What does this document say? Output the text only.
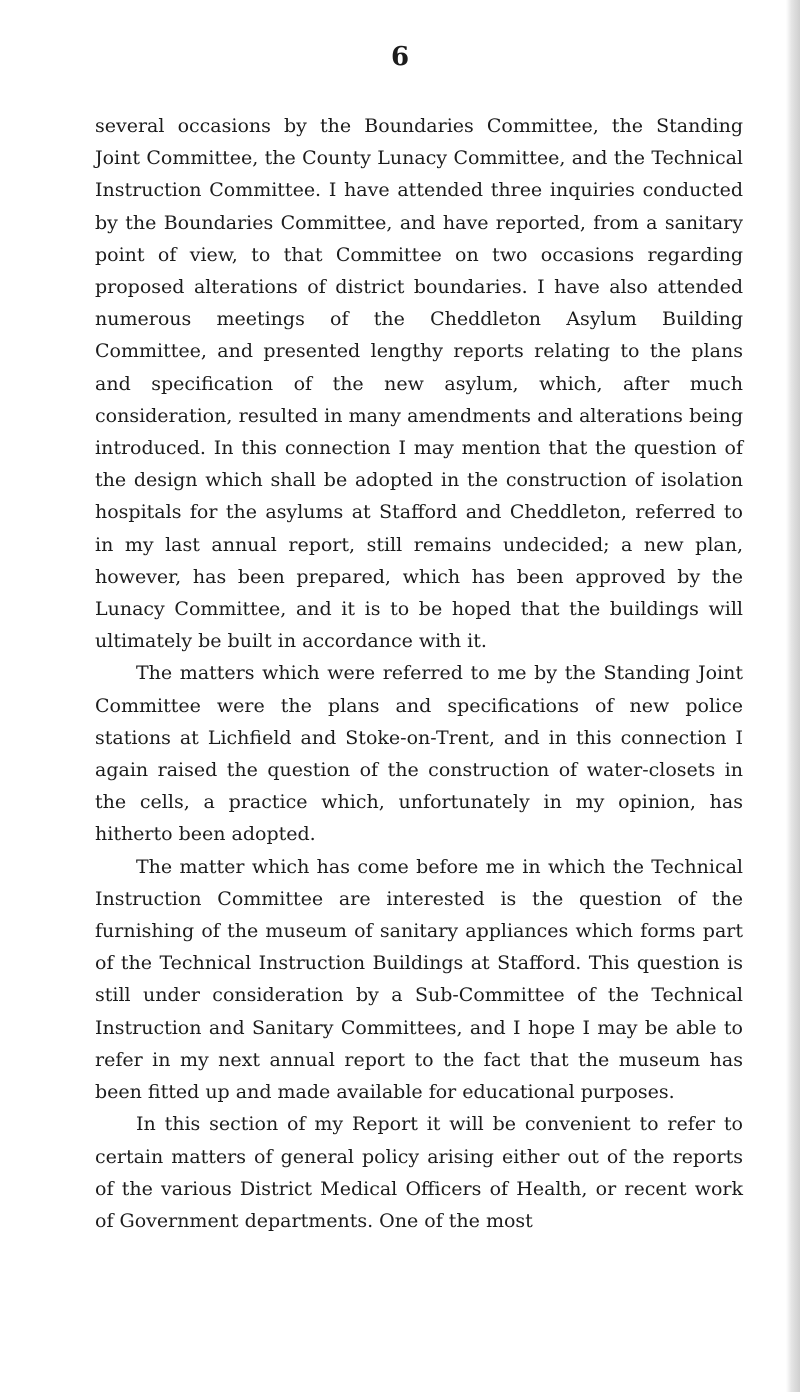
6

several occasions by the Boundaries Committee, the Standing Joint Committee, the County Lunacy Committee, and the Technical Instruction Committee. I have attended three inquiries conducted by the Boundaries Committee, and have reported, from a sanitary point of view, to that Committee on two occasions regarding proposed alterations of district boundaries. I have also attended numerous meetings of the Cheddleton Asylum Building Committee, and presented lengthy reports relating to the plans and specification of the new asylum, which, after much consideration, resulted in many amendments and alterations being introduced. In this connection I may mention that the question of the design which shall be adopted in the construction of isolation hospitals for the asylums at Stafford and Cheddleton, referred to in my last annual report, still remains undecided; a new plan, however, has been prepared, which has been approved by the Lunacy Committee, and it is to be hoped that the buildings will ultimately be built in accordance with it.

The matters which were referred to me by the Standing Joint Committee were the plans and specifications of new police stations at Lichfield and Stoke-on-Trent, and in this connection I again raised the question of the construction of water-closets in the cells, a practice which, unfortunately in my opinion, has hitherto been adopted.

The matter which has come before me in which the Technical Instruction Committee are interested is the question of the furnishing of the museum of sanitary appliances which forms part of the Technical Instruction Buildings at Stafford. This question is still under consideration by a Sub-Committee of the Technical Instruction and Sanitary Committees, and I hope I may be able to refer in my next annual report to the fact that the museum has been fitted up and made available for educational purposes.

In this section of my Report it will be convenient to refer to certain matters of general policy arising either out of the reports of the various District Medical Officers of Health, or recent work of Government departments. One of the most
